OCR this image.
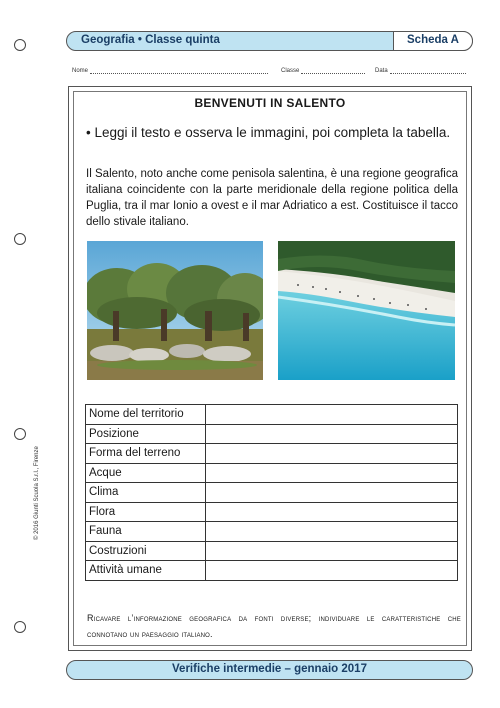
Geografia • Classe quinta	Scheda A
Nome	Classe	Data
© 2016 Giunti Scuola S.r.l., Firenze
BENVENUTI IN SALENTO
• Leggi il testo e osserva le immagini, poi completa la tabella.
Il Salento, noto anche come penisola salentina, è una regione geografica italiana coincidente con la parte meridionale della regione politica della Puglia, tra il mar Ionio a ovest e il mar Adriatico a est. Costituisce il tacco dello stivale italiano.
Nome del territorio	
Posizione	
Forma del terreno	
Acque	
Clima	
Flora	
Fauna	
Costruzioni	
Attività umane	
Ricavare l’informazione geografica da fonti diverse; individuare le caratteristiche che connotano un paesaggio italiano.
Verifiche intermedie – gennaio 2017
